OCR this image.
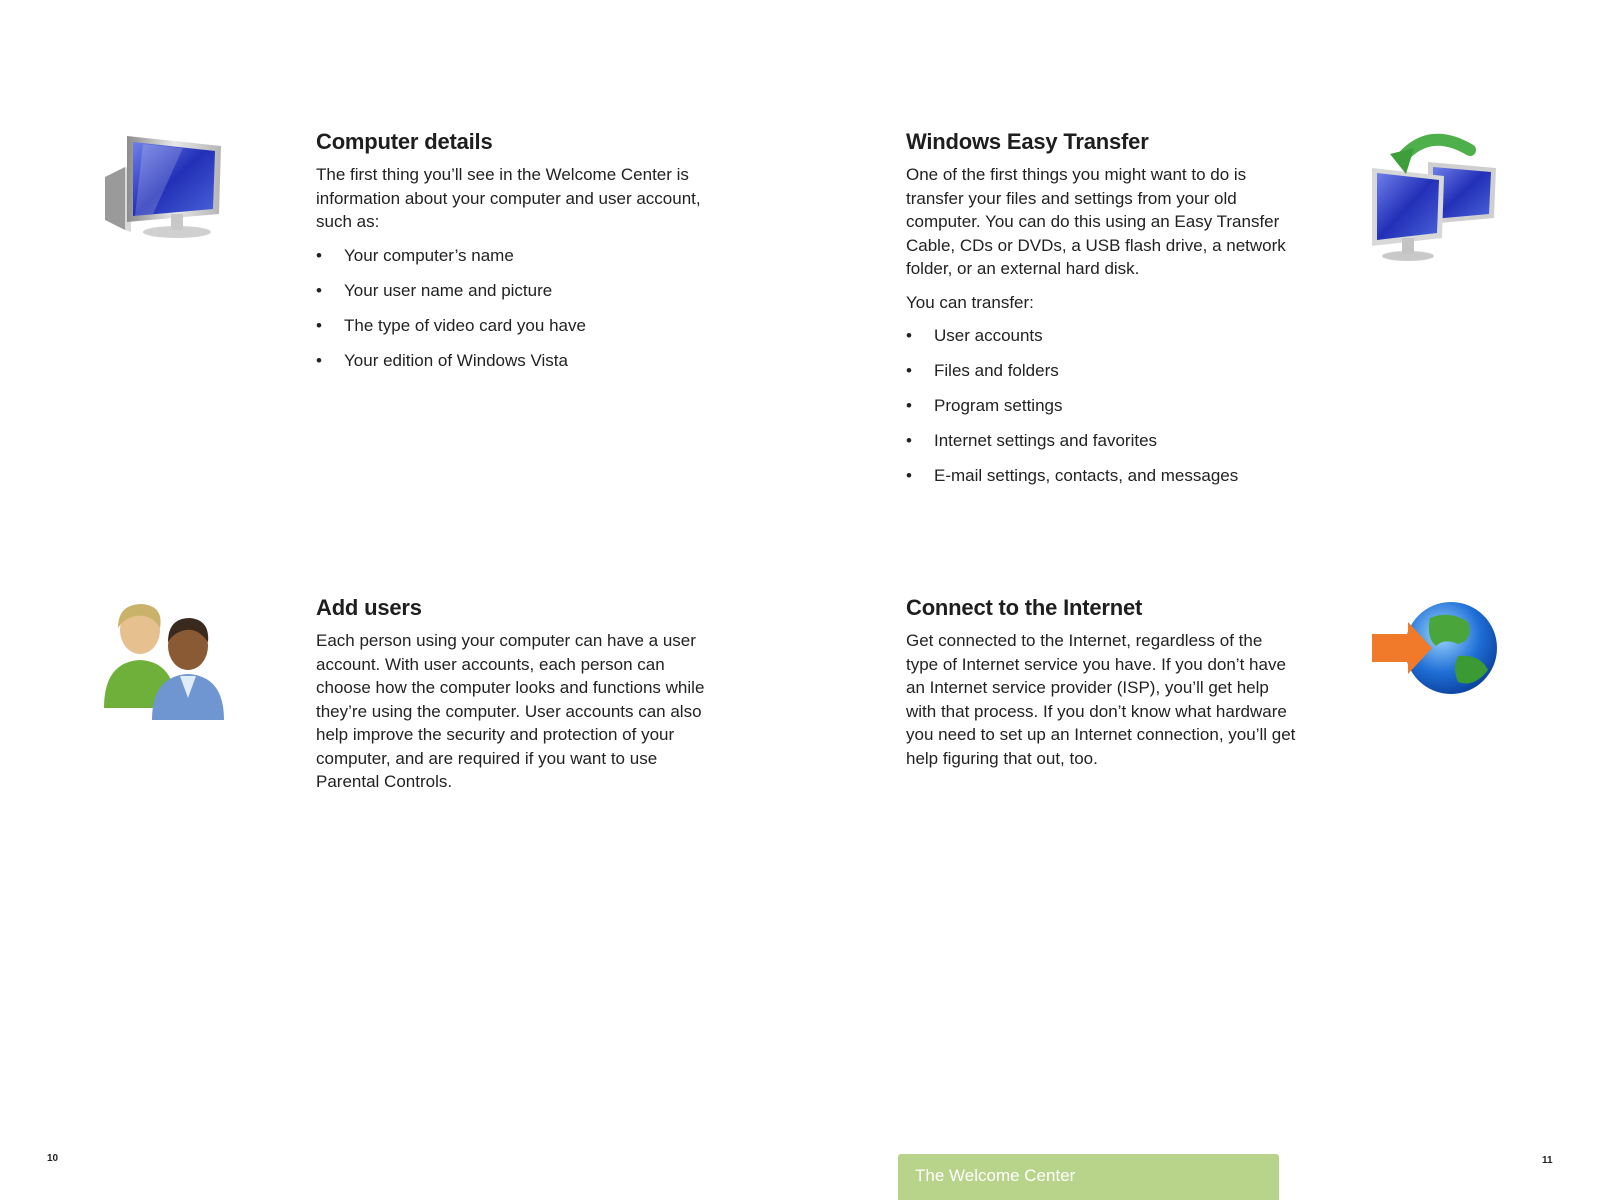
Computer details

The first thing you’ll see in the Welcome Center is information about your computer and user account, such as:

• Your computer’s name
• Your user name and picture
• The type of video card you have
• Your edition of Windows Vista
Windows Easy Transfer

One of the first things you might want to do is transfer your files and settings from your old computer. You can do this using an Easy Transfer Cable, CDs or DVDs, a USB flash drive, a network folder, or an external hard disk.

You can transfer:

• User accounts
• Files and folders
• Program settings
• Internet settings and favorites
• E-mail settings, contacts, and messages
Add users

Each person using your computer can have a user account. With user accounts, each person can choose how the computer looks and functions while they’re using the computer. User accounts can also help improve the security and protection of your computer, and are required if you want to use Parental Controls.

Connect to the Internet

Get connected to the Internet, regardless of the type of Internet service you have. If you don’t have an Internet service provider (ISP), you’ll get help with that process. If you don’t know what hardware you need to set up an Internet connection, you’ll get help figuring that out, too.

10	11
The Welcome Center
